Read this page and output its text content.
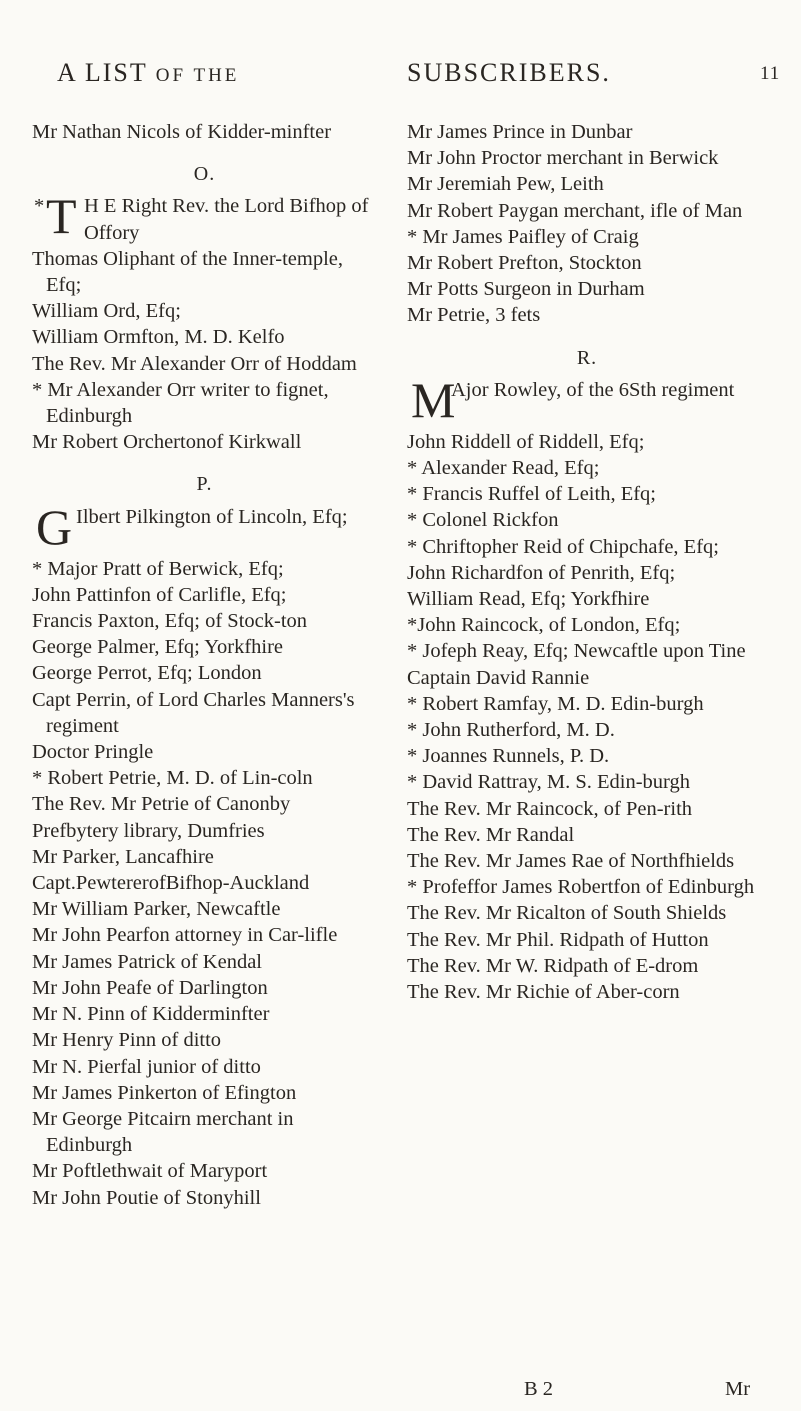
A LIST OF THE	SUBSCRIBERS.	11

Mr Nathan Nicols of Kidder-minfter

O.
* T H E Right Rev. the Lord Bifhop of Offory

Thomas Oliphant of the Inner-temple, Efq;

William Ord, Efq;

William Ormfton, M. D. Kelfo

The Rev. Mr Alexander Orr of Hoddam

* Mr Alexander Orr writer to fignet, Edinburgh

Mr Robert Orchertonof Kirkwall

P.
G Ilbert Pilkington of Lincoln, Efq;

* Major Pratt of Berwick, Efq;

John Pattinfon of Carlifle, Efq;

Francis Paxton, Efq; of Stock-ton

George Palmer, Efq; Yorkfhire

George Perrot, Efq; London

Capt Perrin, of Lord Charles Manners's regiment

Doctor Pringle

* Robert Petrie, M. D. of Lin-coln

The Rev. Mr Petrie of Canonby

Prefbytery library, Dumfries

Mr Parker, Lancafhire

Capt.PewtererofBifhop-Auckland

Mr William Parker, Newcaftle

Mr John Pearfon attorney in Car-lifle

Mr James Patrick of Kendal

Mr John Peafe of Darlington

Mr N. Pinn of Kidderminfter

Mr Henry Pinn of ditto

Mr N. Pierfal junior of ditto

Mr James Pinkerton of Efington

Mr George Pitcairn merchant in Edinburgh

Mr Poftlethwait of Maryport

Mr John Poutie of Stonyhill

Mr James Prince in Dunbar

Mr John Proctor merchant in Berwick

Mr Jeremiah Pew, Leith

Mr Robert Paygan merchant, ifle of Man

* Mr James Paifley of Craig

Mr Robert Prefton, Stockton

Mr Potts Surgeon in Durham

Mr Petrie, 3 fets

R.
M
Ajor Rowley, of the 6Sth regiment

John Riddell of Riddell, Efq;

* Alexander Read, Efq;

* Francis Ruffel of Leith, Efq;

* Colonel Rickfon

* Chriftopher Reid of Chipchafe, Efq;

John Richardfon of Penrith, Efq;

William Read, Efq; Yorkfhire

*John Raincock, of London, Efq;

* Jofeph Reay, Efq; Newcaftle upon Tine

Captain David Rannie

* Robert Ramfay, M. D. Edin-burgh

* John Rutherford, M. D.

* Joannes Runnels, P. D.

* David Rattray, M. S. Edin-burgh

The Rev. Mr Raincock, of Pen-rith

The Rev. Mr Randal

The Rev. Mr James Rae of Northfhields

* Profeffor James Robertfon of Edinburgh

The Rev. Mr Ricalton of South Shields

The Rev. Mr Phil. Ridpath of Hutton

The Rev. Mr W. Ridpath of E-drom

The Rev. Mr Richie of Aber-corn

B 2	Mr
